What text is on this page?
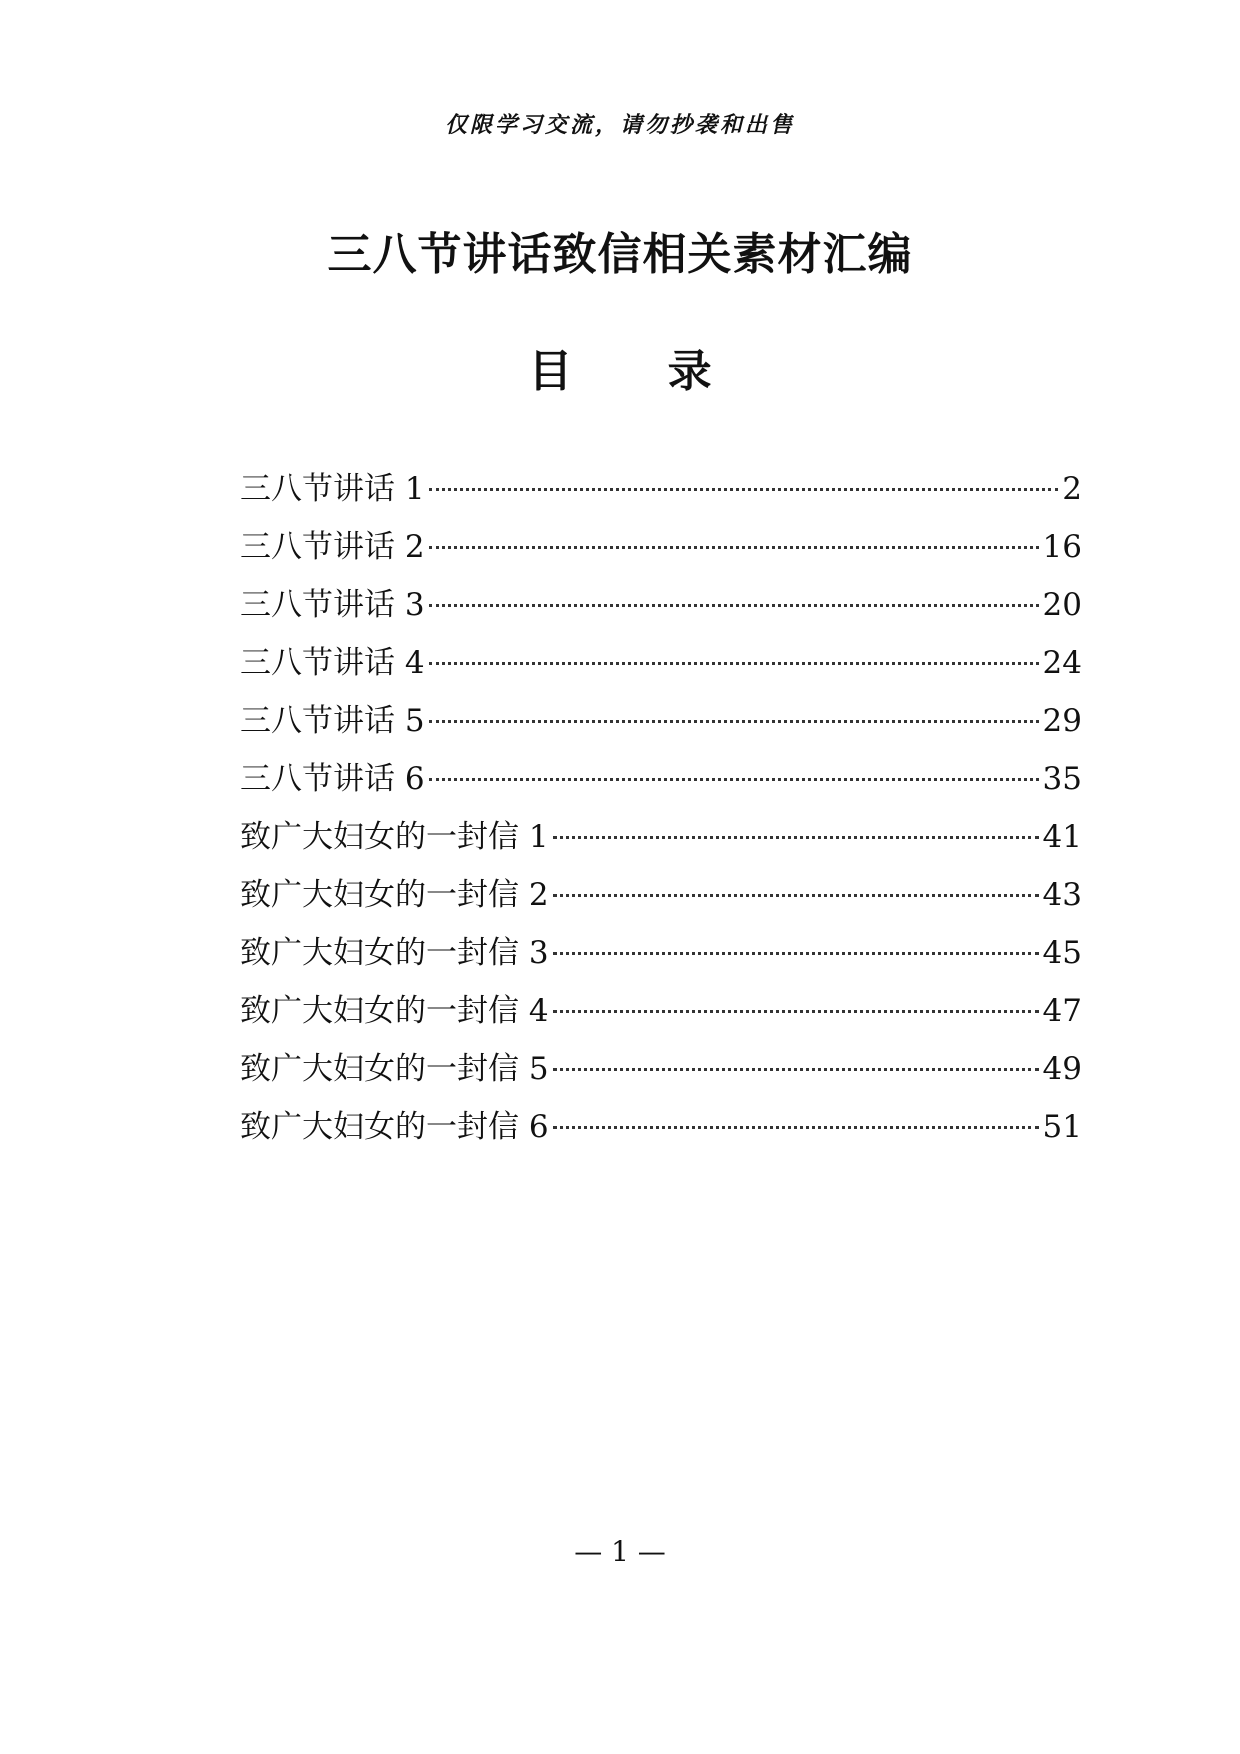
仅限学习交流，请勿抄袭和出售
三八节讲话致信相关素材汇编
目 录
三八节讲话 1	2
三八节讲话 2	16
三八节讲话 3	20
三八节讲话 4	24
三八节讲话 5	29
三八节讲话 6	35
致广大妇女的一封信 1	41
致广大妇女的一封信 2	43
致广大妇女的一封信 3	45
致广大妇女的一封信 4	47
致广大妇女的一封信 5	49
致广大妇女的一封信 6	51
— 1 —
